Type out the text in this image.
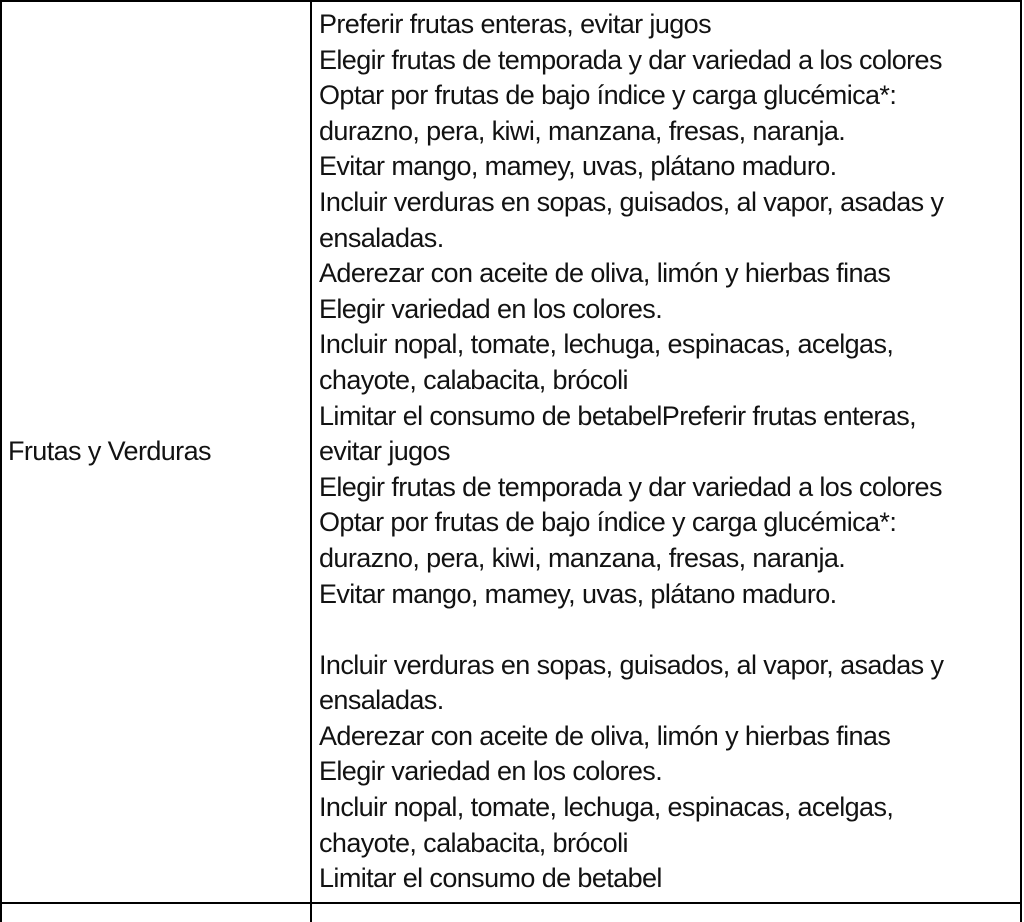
Frutas y Verduras	
Preferir frutas enteras, evitar jugos
Elegir frutas de temporada y dar variedad a los colores
Optar por frutas de bajo índice y carga glucémica*:
durazno, pera, kiwi, manzana, fresas, naranja.
Evitar mango, mamey, uvas, plátano maduro.
Incluir verduras en sopas, guisados, al vapor, asadas y
ensaladas.
Aderezar con aceite de oliva, limón y hierbas finas
Elegir variedad en los colores.
Incluir nopal, tomate, lechuga, espinacas, acelgas,
chayote, calabacita, brócoli
Limitar el consumo de betabelPreferir frutas enteras,
evitar jugos
Elegir frutas de temporada y dar variedad a los colores
Optar por frutas de bajo índice y carga glucémica*:
durazno, pera, kiwi, manzana, fresas, naranja.
Evitar mango, mamey, uvas, plátano maduro.
Incluir verduras en sopas, guisados, al vapor, asadas y
ensaladas.
Aderezar con aceite de oliva, limón y hierbas finas
Elegir variedad en los colores.
Incluir nopal, tomate, lechuga, espinacas, acelgas,
chayote, calabacita, brócoli
Limitar el consumo de betabel
